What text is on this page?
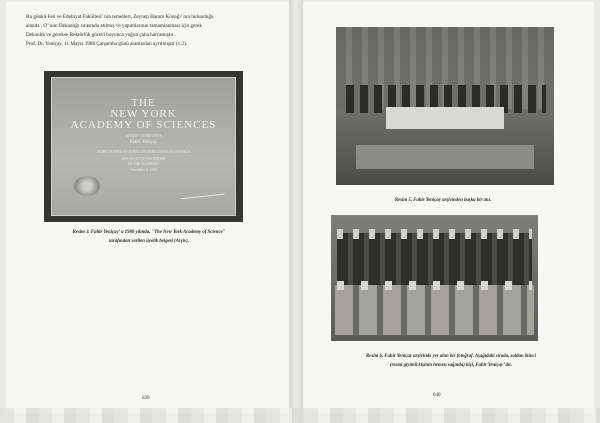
Bu günkü Fen ve Edebiyat Fakültesi’ nin temelleri, Zeynep Hanım Konağı’ nın bulunduğu

alanda , O’ nun Dekanlığı sırasında atılmış ve yapımlarının tamamlanması için gerek

Dekanlık ve gerekse Rektörlük görevi boyunca yoğun çaba harcamıştır .

Prof. Dr. Yeniçay, 11 Mayıs 1988 Çarşamba günü aramızdan ayrılmıştır (1,2).

THE
NEW YORK
ACADEMY OF SCIENCES
HEREBY NOMINATES
Fahir Yeniçay
IN RECOGNITION OF HIS CONTRIBUTIONS TO SCIENCE
AN ACTIVE MEMBER
OF THE ACADEMY
November 6, 1980
Resim 3. Fahir Yeniçay’ a 1980 yılında, "The New York Academy of Science"
tarafından verilen üyelik belgesi (Arşiv).
639
Resim 5. Fahir Yeniçay arşivinden başka bir anı.
Resim 6. Fahir Yeniçay arşivinde yer alan bir fotoğraf. Aşağıdaki sırada, soldan ikinci
(resmi giyimli kişinin hemen sağında) kişi, Fahir Yeniçay’ dır.
640
